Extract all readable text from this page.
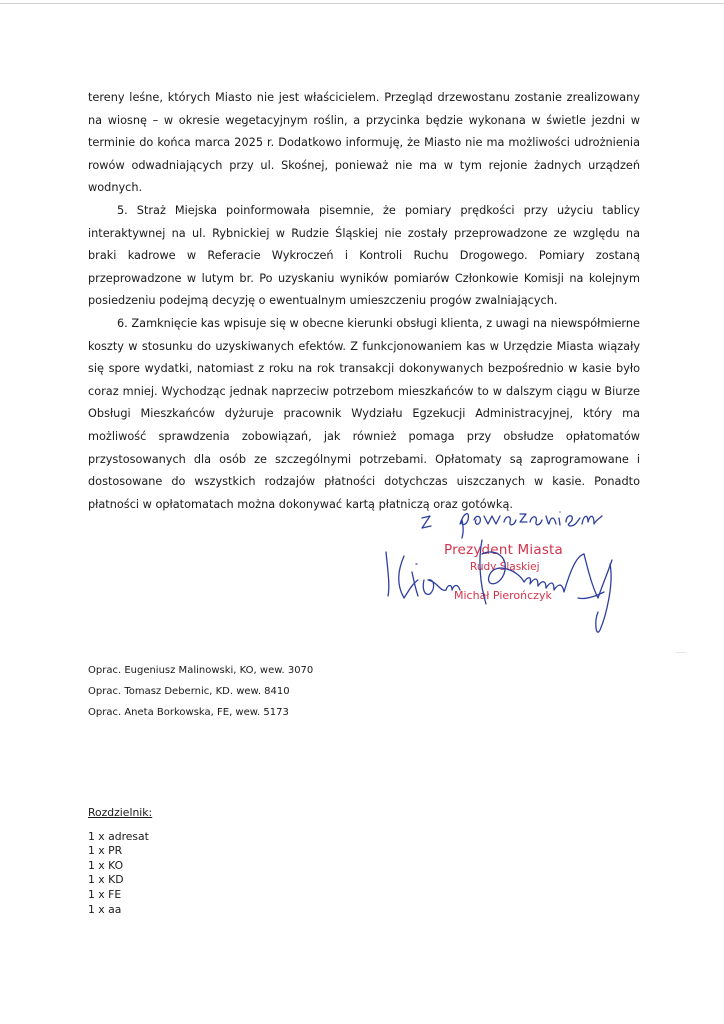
tereny leśne, których Miasto nie jest właścicielem. Przegląd drzewostanu zostanie zrealizowany na wiosnę – w okresie wegetacyjnym roślin, a przycinka będzie wykonana w świetle jezdni w terminie do końca marca 2025 r. Dodatkowo informuję, że Miasto nie ma możliwości udrożnienia rowów odwadniających przy ul. Skośnej, ponieważ nie ma w tym rejonie żadnych urządzeń wodnych.

5. Straż Miejska poinformowała pisemnie, że pomiary prędkości przy użyciu tablicy interaktywnej na ul. Rybnickiej w Rudzie Śląskiej nie zostały przeprowadzone ze względu na braki kadrowe w Referacie Wykroczeń i Kontroli Ruchu Drogowego. Pomiary zostaną przeprowadzone w lutym br. Po uzyskaniu wyników pomiarów Członkowie Komisji na kolejnym posiedzeniu podejmą decyzję o ewentualnym umieszczeniu progów zwalniających.

6. Zamknięcie kas wpisuje się w obecne kierunki obsługi klienta, z uwagi na niewspółmierne koszty w stosunku do uzyskiwanych efektów. Z funkcjonowaniem kas w Urzędzie Miasta wiązały się spore wydatki, natomiast z roku na rok transakcji dokonywanych bezpośrednio w kasie było coraz mniej. Wychodząc jednak naprzeciw potrzebom mieszkańców to w dalszym ciągu w Biurze Obsługi Mieszkańców dyżuruje pracownik Wydziału Egzekucji Administracyjnej, który ma możliwość sprawdzenia zobowiązań, jak również pomaga przy obsłudze opłatomatów przystosowanych dla osób ze szczególnymi potrzebami. Opłatomaty są zaprogramowane i dostosowane do wszystkich rodzajów płatności dotychczas uiszczanych w kasie. Ponadto płatności w opłatomatach można dokonywać kartą płatniczą oraz gotówką.

Prezydent Miasta
Rudy Śląskiej
Michał Pierończyk
Oprac. Eugeniusz Malinowski, KO, wew. 3070
Oprac. Tomasz Debernic, KD. wew. 8410
Oprac. Aneta Borkowska, FE, wew. 5173
Rozdzielnik:
1 x adresat
1 x PR
1 x KO
1 x KD
1 x FE
1 x aa
